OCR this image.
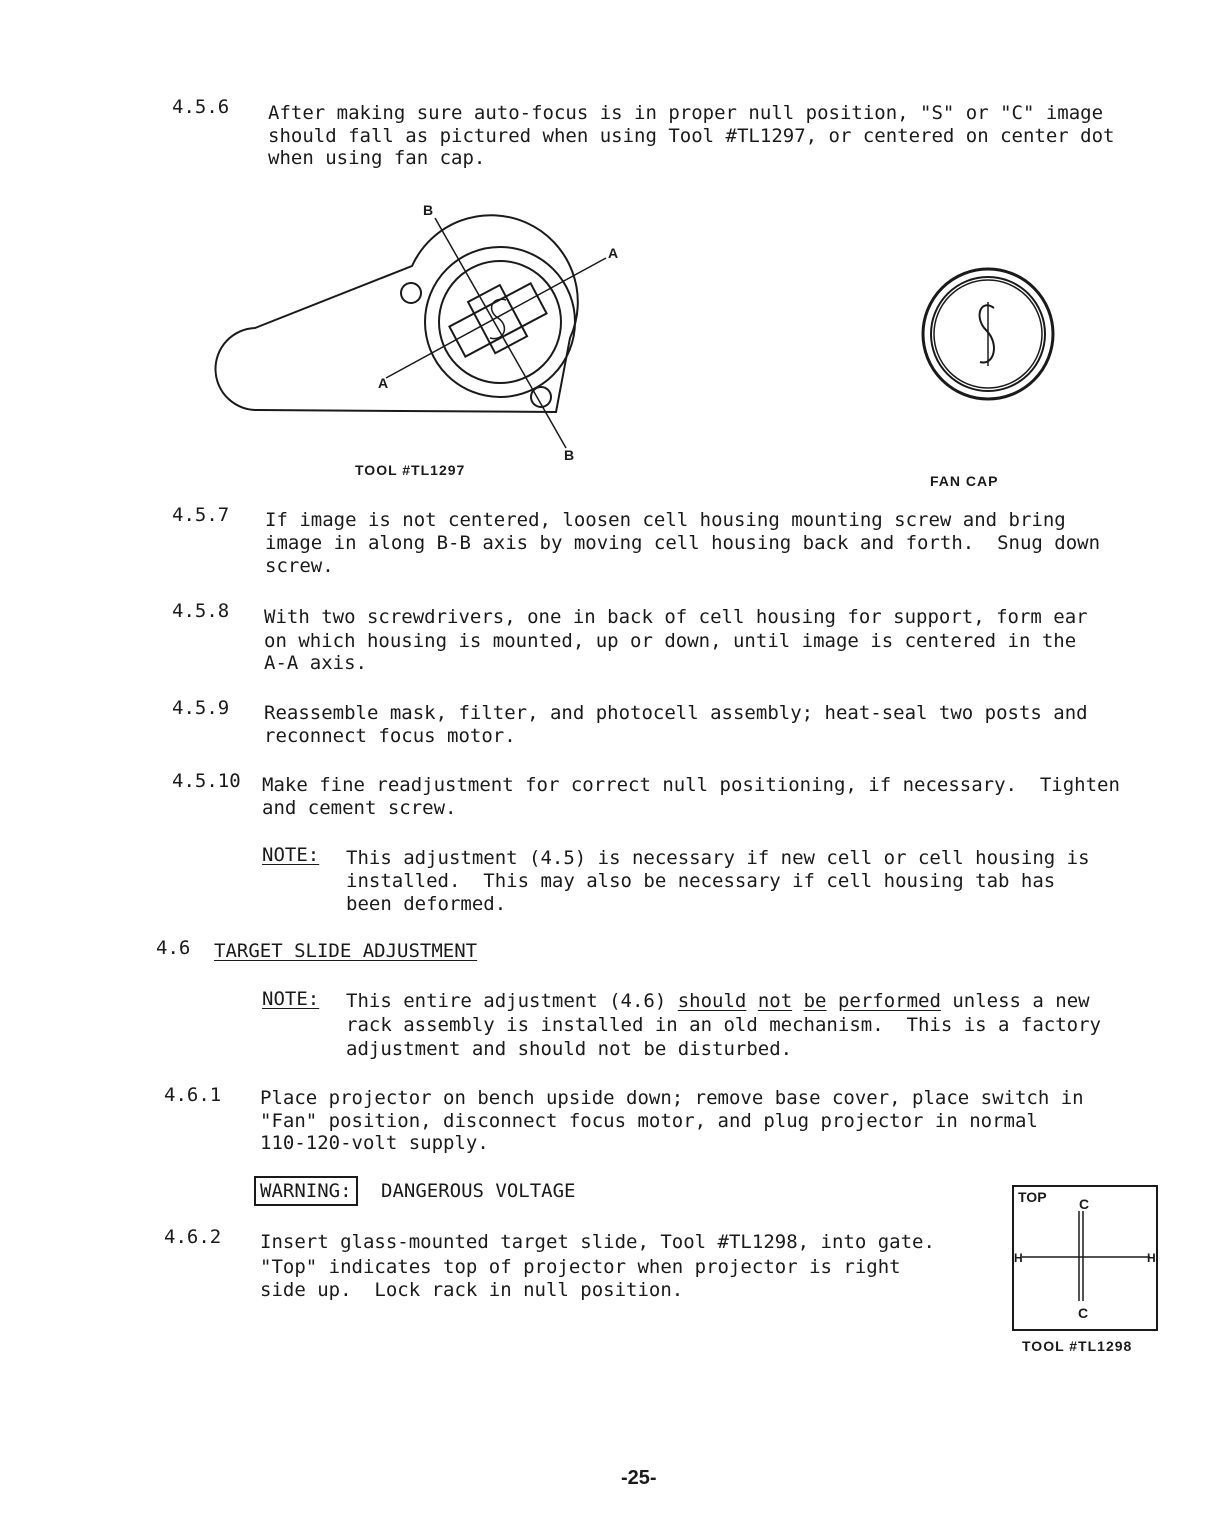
4.5.6 After making sure auto-focus is in proper null position, "S" or "C" image
should fall as pictured when using Tool #TL1297, or centered on center dot
when using fan cap.
B
B
A
A
TOOL #TL1297
FAN CAP
4.5.7 If image is not centered, loosen cell housing mounting screw and bring
image in along B-B axis by moving cell housing back and forth.  Snug down
screw.
4.5.8 With two screwdrivers, one in back of cell housing for support, form ear
on which housing is mounted, up or down, until image is centered in the
A-A axis.
4.5.9 Reassemble mask, filter, and photocell assembly; heat-seal two posts and
reconnect focus motor.
4.5.10 Make fine readjustment for correct null positioning, if necessary.  Tighten
and cement screw.
NOTE: This adjustment (4.5) is necessary if new cell or cell housing is
installed.  This may also be necessary if cell housing tab has
been deformed.
4.6 TARGET SLIDE ADJUSTMENT
NOTE: This entire adjustment (4.6) should not be performed unless a new
rack assembly is installed in an old mechanism.  This is a factory
adjustment and should not be disturbed.
4.6.1 Place projector on bench upside down; remove base cover, place switch in
"Fan" position, disconnect focus motor, and plug projector in normal
110-120-volt supply.
WARNING:	DANGEROUS VOLTAGE
4.6.2 Insert glass-mounted target slide, Tool #TL1298, into gate.
"Top" indicates top of projector when projector is right
side up.  Lock rack in null position.
TOP C
C
H	H
TOOL #TL1298
-25-
